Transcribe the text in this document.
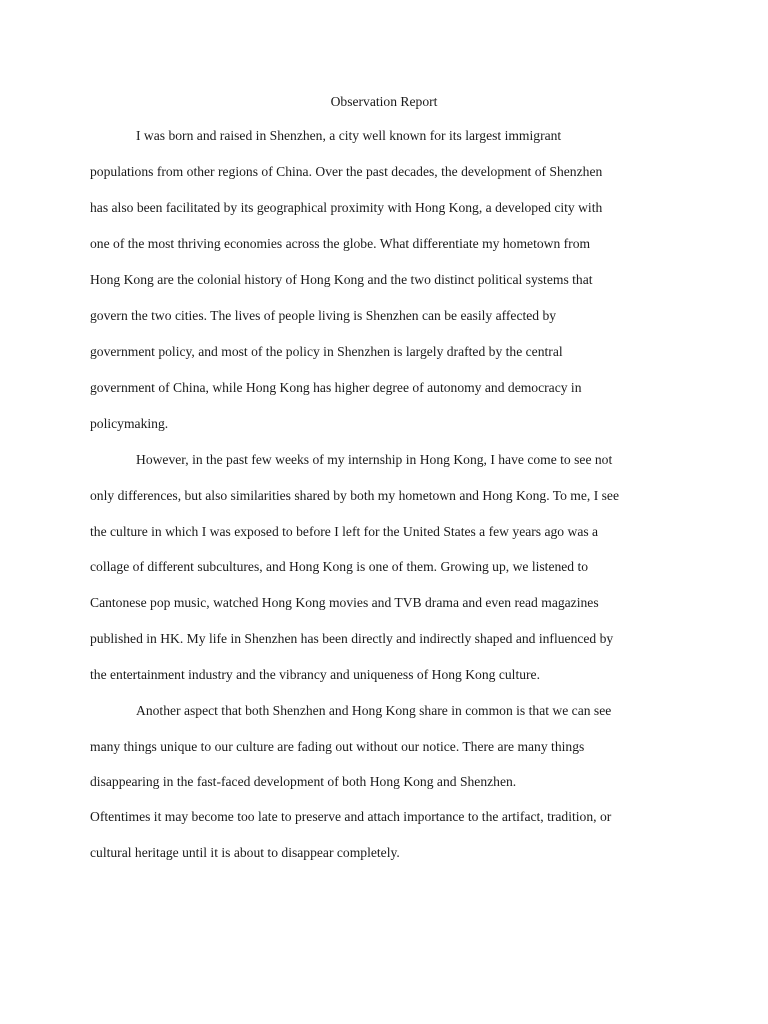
Observation Report

I was born and raised in Shenzhen, a city well known for its largest immigrant

populations from other regions of China. Over the past decades, the development of Shenzhen

has also been facilitated by its geographical proximity with Hong Kong, a developed city with

one of the most thriving economies across the globe. What differentiate my hometown from

Hong Kong are the colonial history of Hong Kong and the two distinct political systems that

govern the two cities. The lives of people living is Shenzhen can be easily affected by

government policy, and most of the policy in Shenzhen is largely drafted by the central

government of China, while Hong Kong has higher degree of autonomy and democracy in

policymaking.

However, in the past few weeks of my internship in Hong Kong, I have come to see not

only differences, but also similarities shared by both my hometown and Hong Kong. To me, I see

the culture in which I was exposed to before I left for the United States a few years ago was a

collage of different subcultures, and Hong Kong is one of them. Growing up, we listened to

Cantonese pop music, watched Hong Kong movies and TVB drama and even read magazines

published in HK. My life in Shenzhen has been directly and indirectly shaped and influenced by

the entertainment industry and the vibrancy and uniqueness of Hong Kong culture.

Another aspect that both Shenzhen and Hong Kong share in common is that we can see

many things unique to our culture are fading out without our notice. There are many things

disappearing in the fast-faced development of both Hong Kong and Shenzhen.

Oftentimes it may become too late to preserve and attach importance to the artifact, tradition, or

cultural heritage until it is about to disappear completely.
